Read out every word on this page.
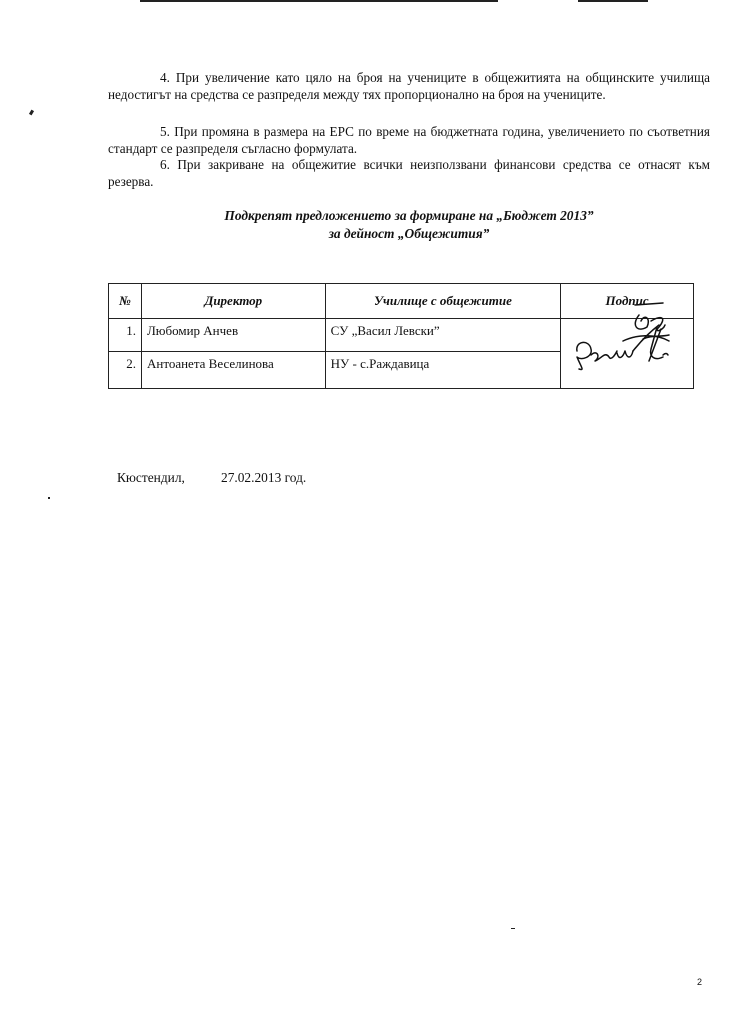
4. При увеличение като цяло на броя на учениците в общежитията на общинските училища недостигът на средства се разпределя между тях пропорционално на броя на учениците.

5. При промяна в размера на ЕРС по време на бюджетната година, увеличението по съответния стандарт се разпределя съгласно формулата.

6. При закриване на общежитие всички неизползвани финансови средства се отнасят към резерва.

Подкрепят предложението за формиране на „Бюджет 2013”
за дейност „Общежития”
№	Директор	Училище с общежитие	Подпис
1.	Любомир Анчев	СУ „Васил Левски”	

2.	Антоанета Веселинова	НУ - с.Раждавица	
Кюстендил,	27.02.2013 год.
2
